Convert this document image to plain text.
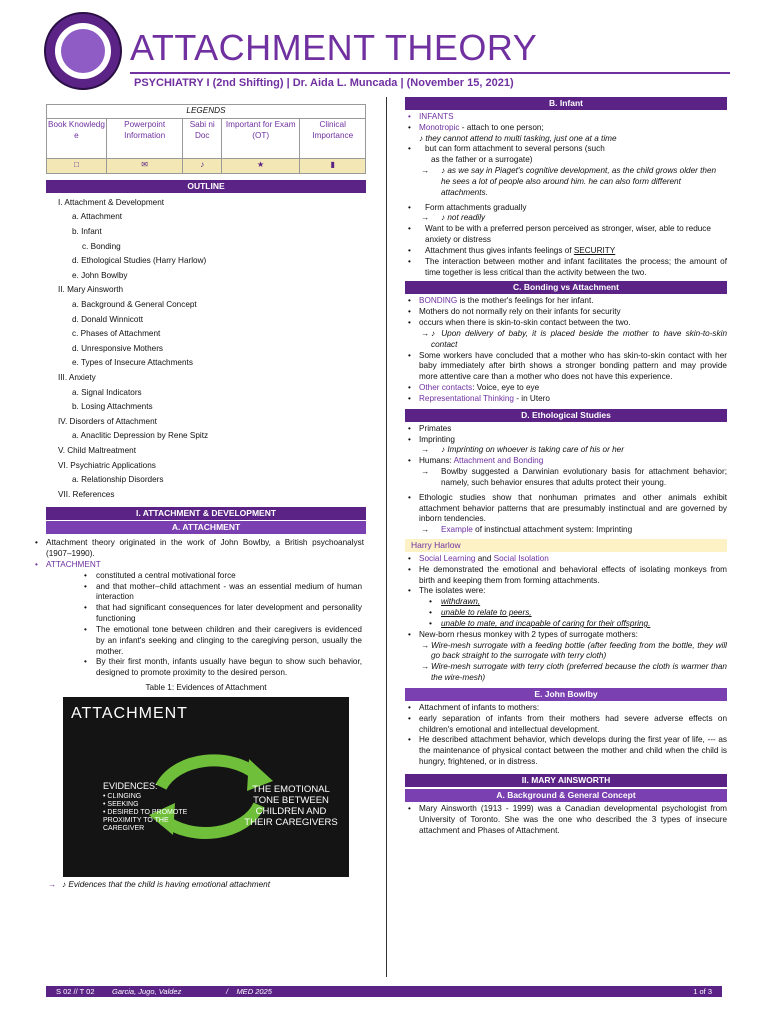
ATTACHMENT THEORY
PSYCHIATRY I (2nd Shifting) | Dr. Aida L. Muncada | (November 15, 2021)
LEGENDS				
Book Knowledg e	Powerpoint Information	Sabi ni Doc	Important for Exam (OT)	Clinical Importance
□	✉	♪	★	▮
OUTLINE
I. Attachment & Development
a. Attachment
b. Infant
c. Bonding
d. Ethological Studies (Harry Harlow)
e. John Bowlby
II. Mary Ainsworth
a. Background & General Concept
d. Donald Winnicott
c. Phases of Attachment
d. Unresponsive Mothers
e. Types of Insecure Attachments
III. Anxiety
a. Signal Indicators
b. Losing Attachments
IV. Disorders of Attachment
a. Anaclitic Depression by Rene Spitz
V. Child Maltreatment
VI. Psychiatric Applications
a. Relationship Disorders
VII. References
I. ATTACHMENT & DEVELOPMENT
A. ATTACHMENT
• Attachment theory originated in the work of John Bowlby, a British psychoanalyst (1907–1990).
• ATTACHMENT
• constituted a central motivational force
• and that mother–child attachment - was an essential medium of human interaction
• that had significant consequences for later development and personality functioning
• The emotional tone between children and their caregivers is evidenced by an infant's seeking and clinging to the caregiving person, usually the mother.
• By their first month, infants usually have begun to show such behavior, designed to promote proximity to the desired person.
Table 1: Evidences of Attachment
ATTACHMENT
EVIDENCES:
• CLINGING
• SEEKING
• DESIRED TO PROMOTE PROXIMITY TO THE CAREGIVER
THE EMOTIONAL TONE BETWEEN CHILDREN AND THEIR CAREGIVERS
→ ♪ Evidences that the child is having emotional attachment
B. Infant
• INFANTS
• Monotropic - attach to one person;
♪ they cannot attend to multi tasking, just one at a time
• but can form attachment to several persons (such
as the father or a surrogate)
→ ♪ as we say in Piaget's cognitive development, as the child grows older then he sees a lot of people also around him. he can also form different attachments.
• Form attachments gradually
→ ♪ not readily
• Want to be with a preferred person perceived as stronger, wiser, able to reduce anxiety or distress
• Attachment thus gives infants feelings of SECURITY
• The interaction between mother and infant facilitates the process; the amount of time together is less critical than the activity between the two.
C. Bonding vs Attachment
• BONDING is the mother's feelings for her infant.
• Mothers do not normally rely on their infants for security
• occurs when there is skin-to-skin contact between the two.
→ ♪ Upon delivery of baby, it is placed beside the mother to have skin-to-skin contact
• Some workers have concluded that a mother who has skin-to-skin contact with her baby immediately after birth shows a stronger bonding pattern and may provide more attentive care than a mother who does not have this experience.
• Other contacts: Voice, eye to eye
• Representational Thinking - in Utero
D. Ethological Studies
• Primates
• Imprinting
→ ♪ Imprinting on whoever is taking care of his or her
• Humans: Attachment and Bonding
→ Bowlby suggested a Darwinian evolutionary basis for attachment behavior; namely, such behavior ensures that adults protect their young.
• Ethologic studies show that nonhuman primates and other animals exhibit attachment behavior patterns that are presumably instinctual and are governed by inborn tendencies.
→ Example of instinctual attachment system: Imprinting
Harry Harlow
• Social Learning and Social Isolation
• He demonstrated the emotional and behavioral effects of isolating monkeys from birth and keeping them from forming attachments.
• The isolates were:
• withdrawn,
• unable to relate to peers,
• unable to mate, and incapable of caring for their offspring.
• New-born rhesus monkey with 2 types of surrogate mothers:
→ Wire-mesh surrogate with a feeding bottle (after feeding from the bottle, they will go back straight to the surrogate with terry cloth)
→ Wire-mesh surrogate with terry cloth (preferred because the cloth is warmer than the wire-mesh)
E. John Bowlby
• Attachment of infants to mothers:
• early separation of infants from their mothers had severe adverse effects on children's emotional and intellectual development.
• He described attachment behavior, which develops during the first year of life, --- as the maintenance of physical contact between the mother and child when the child is hungry, frightened, or in distress.
II. MARY AINSWORTH
A. Background & General Concept
• Mary Ainsworth (1913 - 1999) was a Canadian developmental psychologist from University of Toronto. She was the one who described the 3 types of insecure attachment and Phases of Attachment.
S 02 // T 02 Garcia, Jugo, Valdez	/ MED 2025	1 of 3
